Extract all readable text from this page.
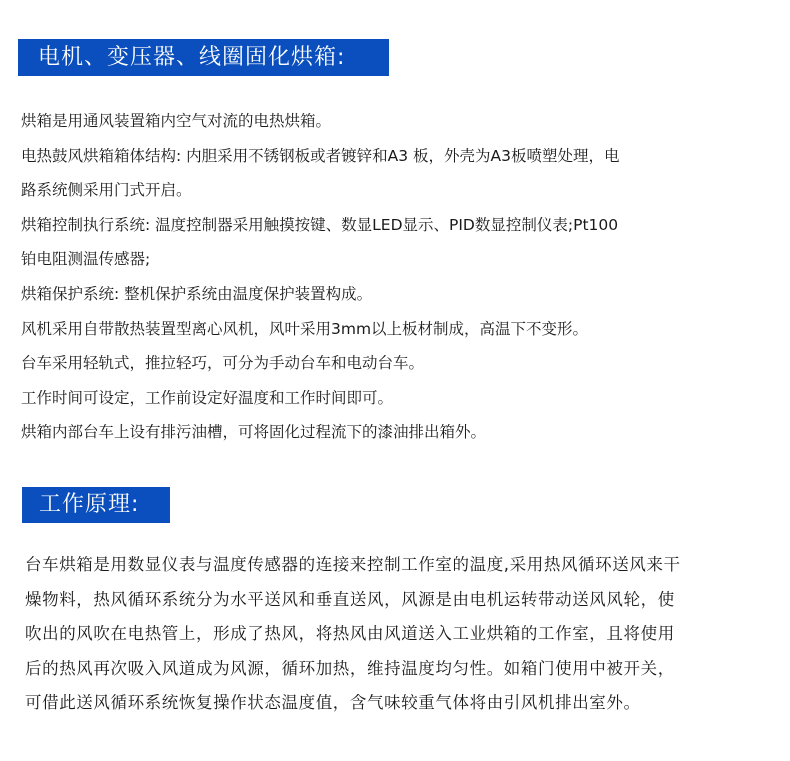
电机、变压器、线圈固化烘箱:
烘箱是用通风装置箱内空气对流的电热烘箱。
电热鼓风烘箱箱体结构: 内胆采用不锈钢板或者镀锌和A3 板，外壳为A3板喷塑处理，电
路系统侧采用门式开启。
烘箱控制执行系统: 温度控制器采用触摸按键、数显LED显示、PID数显控制仪表;Pt100
铂电阻测温传感器;
烘箱保护系统: 整机保护系统由温度保护装置构成。
风机采用自带散热装置型离心风机，风叶采用3mm以上板材制成，高温下不变形。
台车采用轻轨式，推拉轻巧，可分为手动台车和电动台车。
工作时间可设定，工作前设定好温度和工作时间即可。
烘箱内部台车上设有排污油槽，可将固化过程流下的漆油排出箱外。
工作原理:
台车烘箱是用数显仪表与温度传感器的连接来控制工作室的温度,采用热风循环送风来干
燥物料，热风循环系统分为水平送风和垂直送风，风源是由电机运转带动送风风轮，使
吹出的风吹在电热管上，形成了热风，将热风由风道送入工业烘箱的工作室，且将使用
后的热风再次吸入风道成为风源，循环加热，维持温度均匀性。如箱门使用中被开关，
可借此送风循环系统恢复操作状态温度值，含气味较重气体将由引风机排出室外。
